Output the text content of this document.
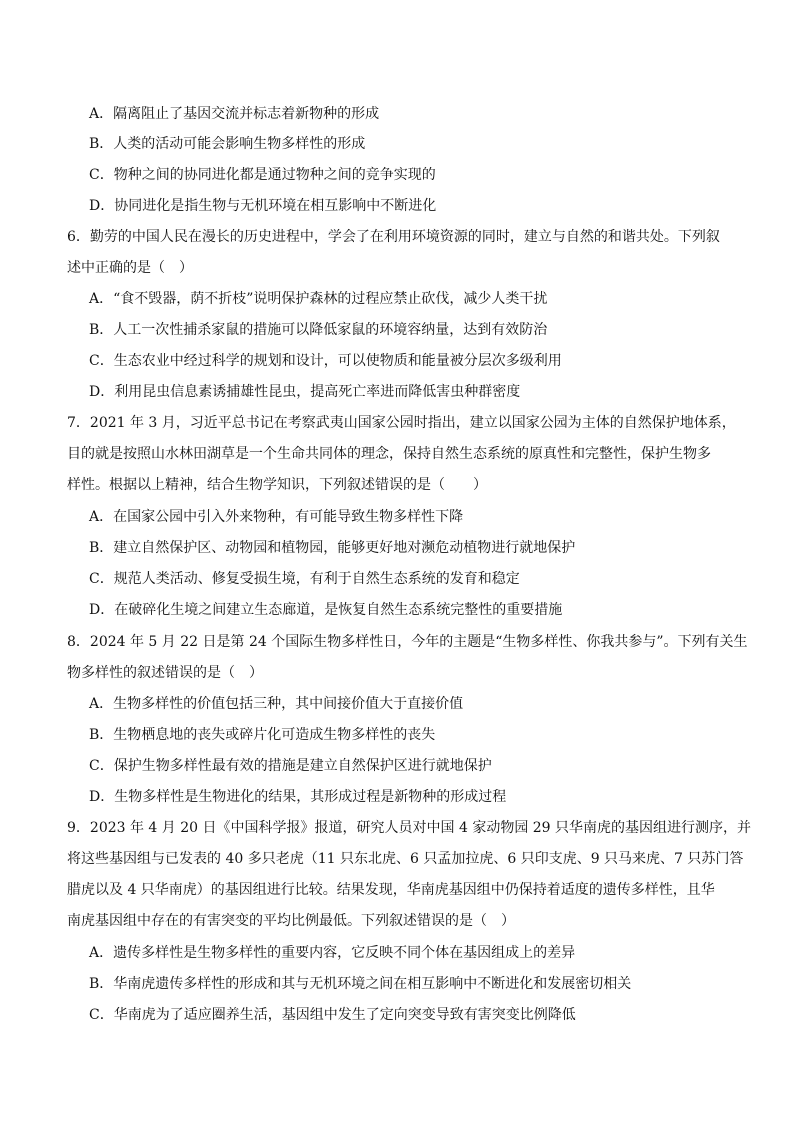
A．隔离阻止了基因交流并标志着新物种的形成
B．人类的活动可能会影响生物多样性的形成
C．物种之间的协同进化都是通过物种之间的竞争实现的
D．协同进化是指生物与无机环境在相互影响中不断进化
6．勤劳的中国人民在漫长的历史进程中，学会了在利用环境资源的同时，建立与自然的和谐共处。下列叙
述中正确的是（　）
A．“食不毁器，荫不折枝”说明保护森林的过程应禁止砍伐，减少人类干扰
B．人工一次性捕杀家鼠的措施可以降低家鼠的环境容纳量，达到有效防治
C．生态农业中经过科学的规划和设计，可以使物质和能量被分层次多级利用
D．利用昆虫信息素诱捕雄性昆虫，提高死亡率进而降低害虫种群密度
7．2021 年 3 月，习近平总书记在考察武夷山国家公园时指出，建立以国家公园为主体的自然保护地体系，
目的就是按照山水林田湖草是一个生命共同体的理念，保持自然生态系统的原真性和完整性，保护生物多
样性。根据以上精神，结合生物学知识，下列叙述错误的是（　　）
A．在国家公园中引入外来物种，有可能导致生物多样性下降
B．建立自然保护区、动物园和植物园，能够更好地对濒危动植物进行就地保护
C．规范人类活动、修复受损生境，有利于自然生态系统的发育和稳定
D．在破碎化生境之间建立生态廊道，是恢复自然生态系统完整性的重要措施
8．2024 年 5 月 22 日是第 24 个国际生物多样性日，今年的主题是“生物多样性、你我共参与”。下列有关生
物多样性的叙述错误的是（　）
A．生物多样性的价值包括三种，其中间接价值大于直接价值
B．生物栖息地的丧失或碎片化可造成生物多样性的丧失
C．保护生物多样性最有效的措施是建立自然保护区进行就地保护
D．生物多样性是生物进化的结果，其形成过程是新物种的形成过程
9．2023 年 4 月 20 日《中国科学报》报道，研究人员对中国 4 家动物园 29 只华南虎的基因组进行测序，并
将这些基因组与已发表的 40 多只老虎（11 只东北虎、6 只孟加拉虎、6 只印支虎、9 只马来虎、7 只苏门答
腊虎以及 4 只华南虎）的基因组进行比较。结果发现，华南虎基因组中仍保持着适度的遗传多样性，且华
南虎基因组中存在的有害突变的平均比例最低。下列叙述错误的是（　）
A．遗传多样性是生物多样性的重要内容，它反映不同个体在基因组成上的差异
B．华南虎遗传多样性的形成和其与无机环境之间在相互影响中不断进化和发展密切相关
C．华南虎为了适应圈养生活，基因组中发生了定向突变导致有害突变比例降低
